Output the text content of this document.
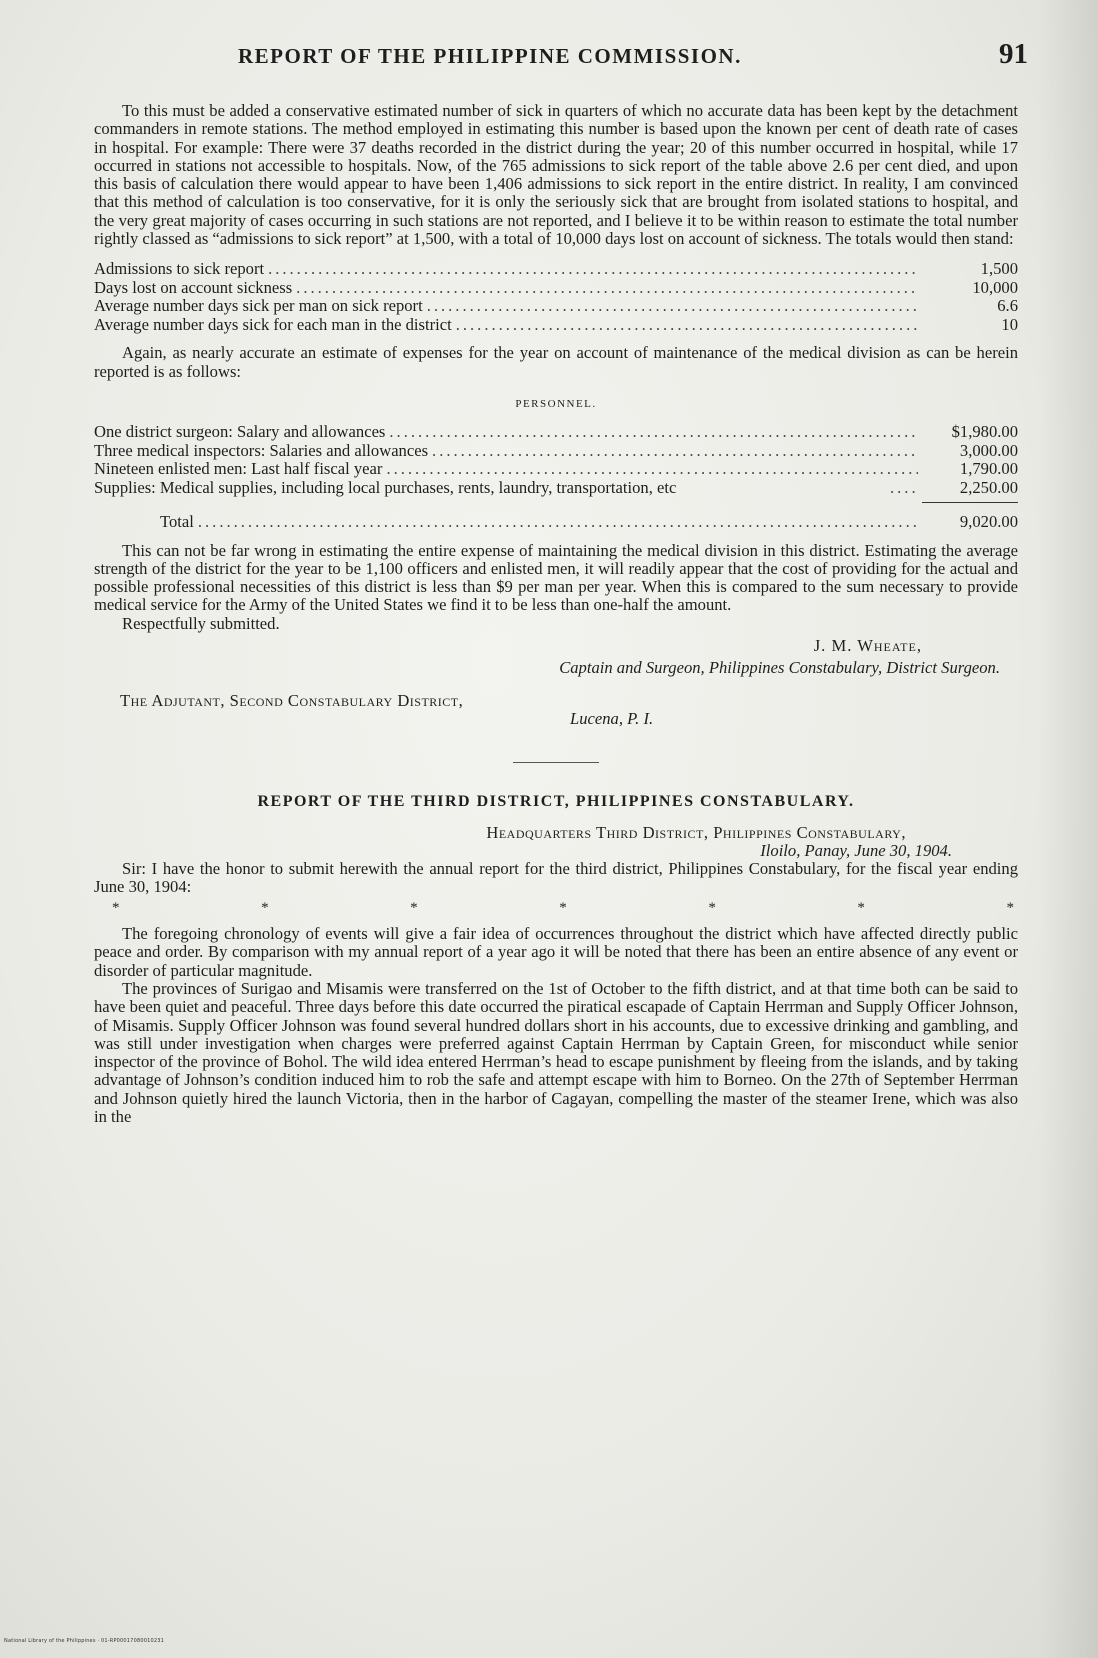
REPORT OF THE PHILIPPINE COMMISSION.	91

To this must be added a conservative estimated number of sick in quarters of which no accurate data has been kept by the detachment commanders in remote stations. The method employed in estimating this number is based upon the known per cent of death rate of cases in hospital. For example: There were 37 deaths recorded in the district during the year; 20 of this number occurred in hospital, while 17 occurred in stations not accessible to hospitals. Now, of the 765 admissions to sick report of the table above 2.6 per cent died, and upon this basis of calculation there would appear to have been 1,406 admissions to sick report in the entire district. In reality, I am convinced that this method of calculation is too conservative, for it is only the seriously sick that are brought from isolated stations to hospital, and the very great majority of cases occurring in such stations are not reported, and I believe it to be within reason to estimate the total number rightly classed as “admissions to sick report” at 1,500, with a total of 10,000 days lost on account of sickness. The totals would then stand:

Admissions to sick report .....	1,500
Days lost on account sickness .....	10,000
Average number days sick per man on sick report .....	6.6
Average number days sick for each man in the district .....	10

Again, as nearly accurate an estimate of expenses for the year on account of maintenance of the medical division as can be herein reported is as follows:

PERSONNEL.
One district surgeon: Salary and allowances .....	$1,980.00
Three medical inspectors: Salaries and allowances .....	3,000.00
Nineteen enlisted men: Last half fiscal year .....	1,790.00
Supplies: Medical supplies, including local purchases, rents, laundry, transportation, etc .....	2,250.00
Total .....	9,020.00

This can not be far wrong in estimating the entire expense of maintaining the medical division in this district. Estimating the average strength of the district for the year to be 1,100 officers and enlisted men, it will readily appear that the cost of providing for the actual and possible professional necessities of this district is less than $9 per man per year. When this is compared to the sum necessary to provide medical service for the Army of the United States we find it to be less than one-half the amount.

Respectfully submitted.

J. M. Wheate,
Captain and Surgeon, Philippines Constabulary, District Surgeon.
The Adjutant, Second Constabulary District,
Lucena, P. I.
REPORT OF THE THIRD DISTRICT, PHILIPPINES CONSTABULARY.
Headquarters Third District, Philippines Constabulary,
Iloilo, Panay, June 30, 1904.

Sir: I have the honor to submit herewith the annual report for the third district, Philippines Constabulary, for the fiscal year ending June 30, 1904:

*	*	*	*	*	*	*

The foregoing chronology of events will give a fair idea of occurrences throughout the district which have affected directly public peace and order. By comparison with my annual report of a year ago it will be noted that there has been an entire absence of any event or disorder of particular magnitude.

The provinces of Surigao and Misamis were transferred on the 1st of October to the fifth district, and at that time both can be said to have been quiet and peaceful. Three days before this date occurred the piratical escapade of Captain Herrman and Supply Officer Johnson, of Misamis. Supply Officer Johnson was found several hundred dollars short in his accounts, due to excessive drinking and gambling, and was still under investigation when charges were preferred against Captain Herrman by Captain Green, for misconduct while senior inspector of the province of Bohol. The wild idea entered Herrman’s head to escape punishment by fleeing from the islands, and by taking advantage of Johnson’s condition induced him to rob the safe and attempt escape with him to Borneo. On the 27th of September Herrman and Johnson quietly hired the launch Victoria, then in the harbor of Cagayan, compelling the master of the steamer Irene, which was also in the

National Library of the Philippines · 01-RP00017080010231
